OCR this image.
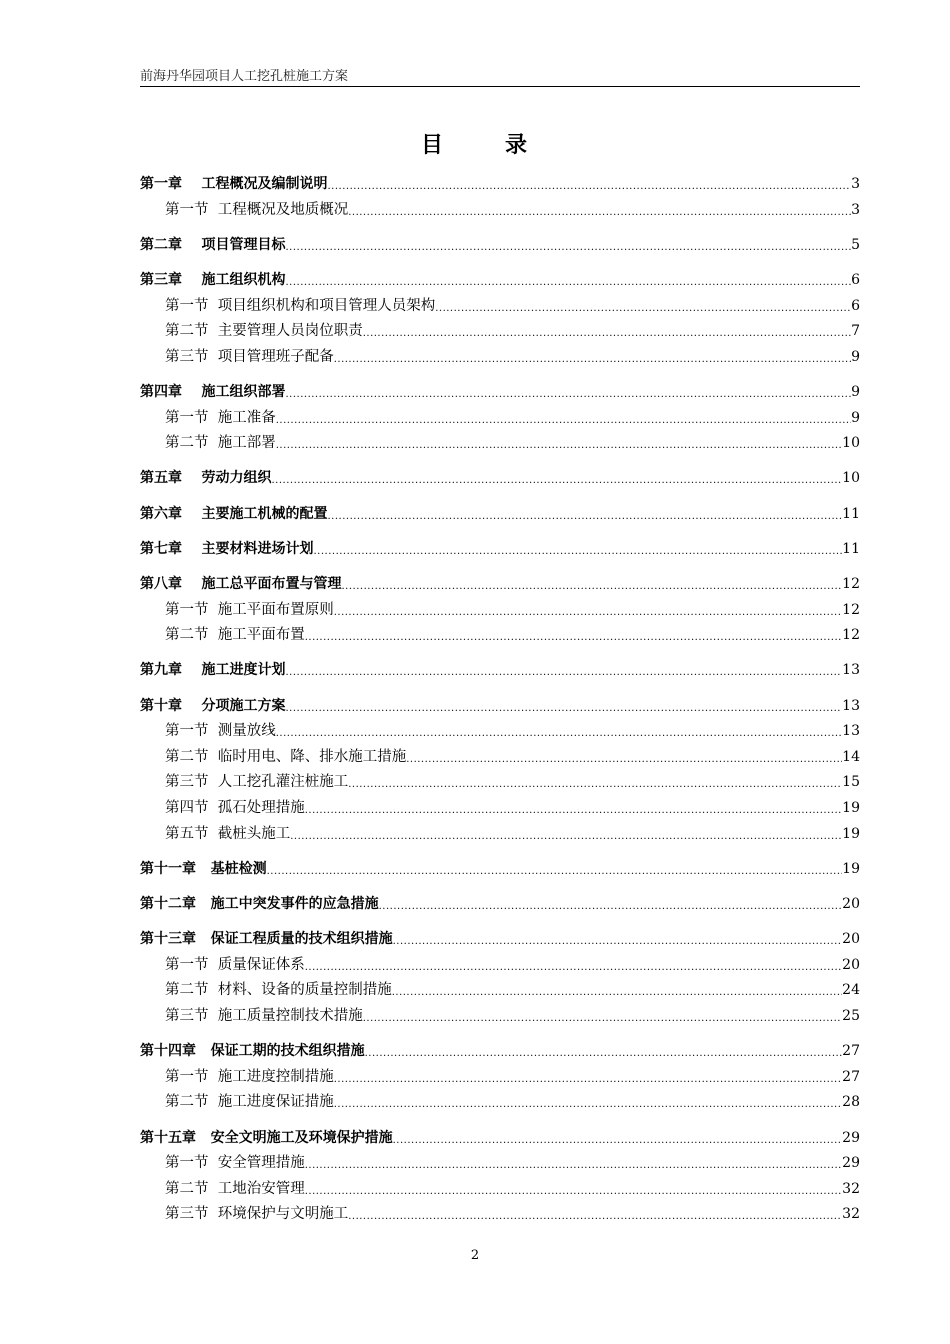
前海丹华园项目人工挖孔桩施工方案
目	录
第一章 工程概况及编制说明 .....	3
第一节 工程概况及地质概况 .....	3
第二章 项目管理目标 .....	5
第三章 施工组织机构 .....	6
第一节 项目组织机构和项目管理人员架构 .....	6
第二节 主要管理人员岗位职责 .....	7
第三节 项目管理班子配备 .....	9
第四章 施工组织部署 .....	9
第一节 施工准备 .....	9
第二节 施工部署 .....	10
第五章 劳动力组织 .....	10
第六章 主要施工机械的配置 .....	11
第七章 主要材料进场计划 .....	11
第八章 施工总平面布置与管理 .....	12
第一节 施工平面布置原则 .....	12
第二节 施工平面布置 .....	12
第九章 施工进度计划 .....	13
第十章 分项施工方案 .....	13
第一节 测量放线 .....	13
第二节 临时用电、降、排水施工措施 .....	14
第三节 人工挖孔灌注桩施工 .....	15
第四节 孤石处理措施 .....	19
第五节 截桩头施工 .....	19
第十一章 基桩检测 .....	19
第十二章 施工中突发事件的应急措施 .....	20
第十三章 保证工程质量的技术组织措施 .....	20
第一节 质量保证体系 .....	20
第二节 材料、设备的质量控制措施 .....	24
第三节 施工质量控制技术措施 .....	25
第十四章 保证工期的技术组织措施 .....	27
第一节 施工进度控制措施 .....	27
第二节 施工进度保证措施 .....	28
第十五章 安全文明施工及环境保护措施 .....	29
第一节 安全管理措施 .....	29
第二节 工地治安管理 .....	32
第三节 环境保护与文明施工 .....	32
2
